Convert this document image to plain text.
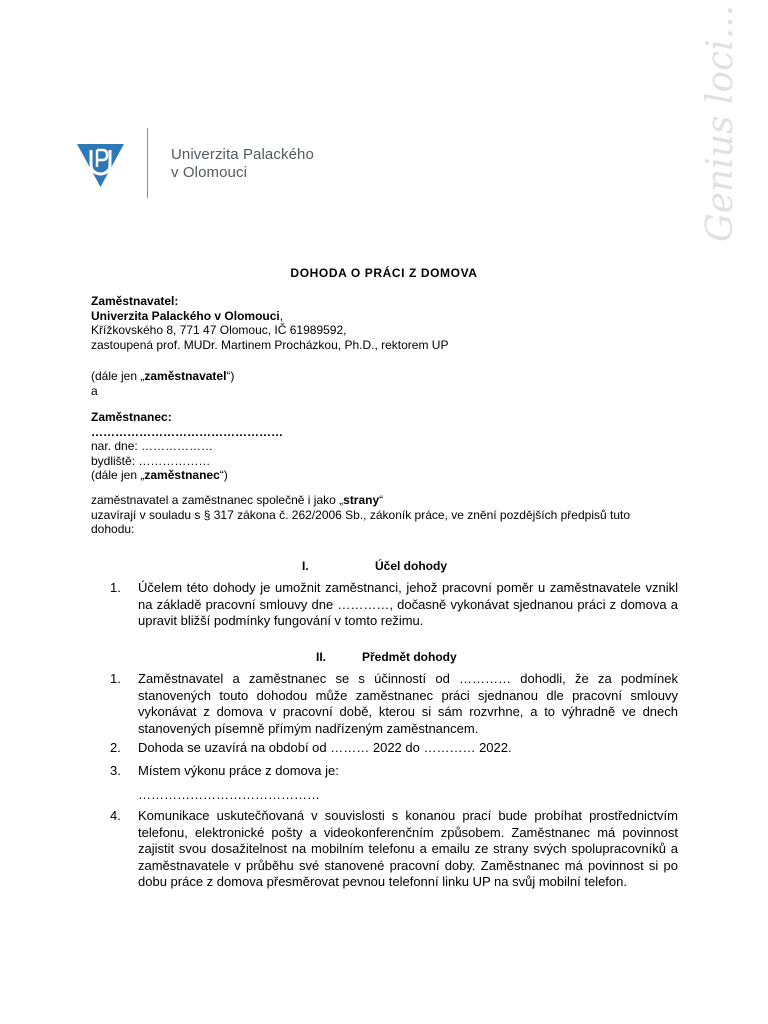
Univerzita Palackého
v Olomouci	Genius loci...
DOHODA O PRÁCI Z DOMOVA
Zaměstnavatel:
Univerzita Palackého v Olomouci,
Křížkovského 8, 771 47 Olomouc, IČ 61989592,
zastoupená prof. MUDr. Martinem Procházkou, Ph.D., rektorem UP
(dále jen „zaměstnavatel“)
a
Zaměstnanec:
…………………………………………
nar. dne: ………………
bydliště: ………………
(dále jen „zaměstnanec“)
zaměstnavatel a zaměstnanec společně i jako „strany“
uzavírají v souladu s § 317 zákona č. 262/2006 Sb., zákoník práce, ve znění pozdějších předpisů tuto
dohodu:
I.	Účel dohody
1.	Účelem této dohody je umožnit zaměstnanci, jehož pracovní poměr u zaměstnavatele vznikl na základě pracovní smlouvy dne …………, dočasně vykonávat sjednanou práci z domova a upravit bližší podmínky fungování v tomto režimu.
II.	Předmět dohody
1.	Zaměstnavatel a zaměstnanec se s účinností od ………… dohodli, že za podmínek stanovených touto dohodou může zaměstnanec práci sjednanou dle pracovní smlouvy vykonávat z domova v pracovní době, kterou si sám rozvrhne, a to výhradně ve dnech stanovených písemně přímým nadřízeným zaměstnancem.
2.	Dohoda se uzavírá na období od ……… 2022 do ………… 2022.
3.	Místem výkonu práce z domova je:
……………………………………
4.	Komunikace uskutečňovaná v souvislosti s konanou prací bude probíhat prostřednictvím telefonu, elektronické pošty a videokonferenčním způsobem. Zaměstnanec má povinnost zajistit svou dosažitelnost na mobilním telefonu a emailu ze strany svých spolupracovníků a zaměstnavatele v průběhu své stanovené pracovní doby. Zaměstnanec má povinnost si po dobu práce z domova přesměrovat pevnou telefonní linku UP na svůj mobilní telefon.
